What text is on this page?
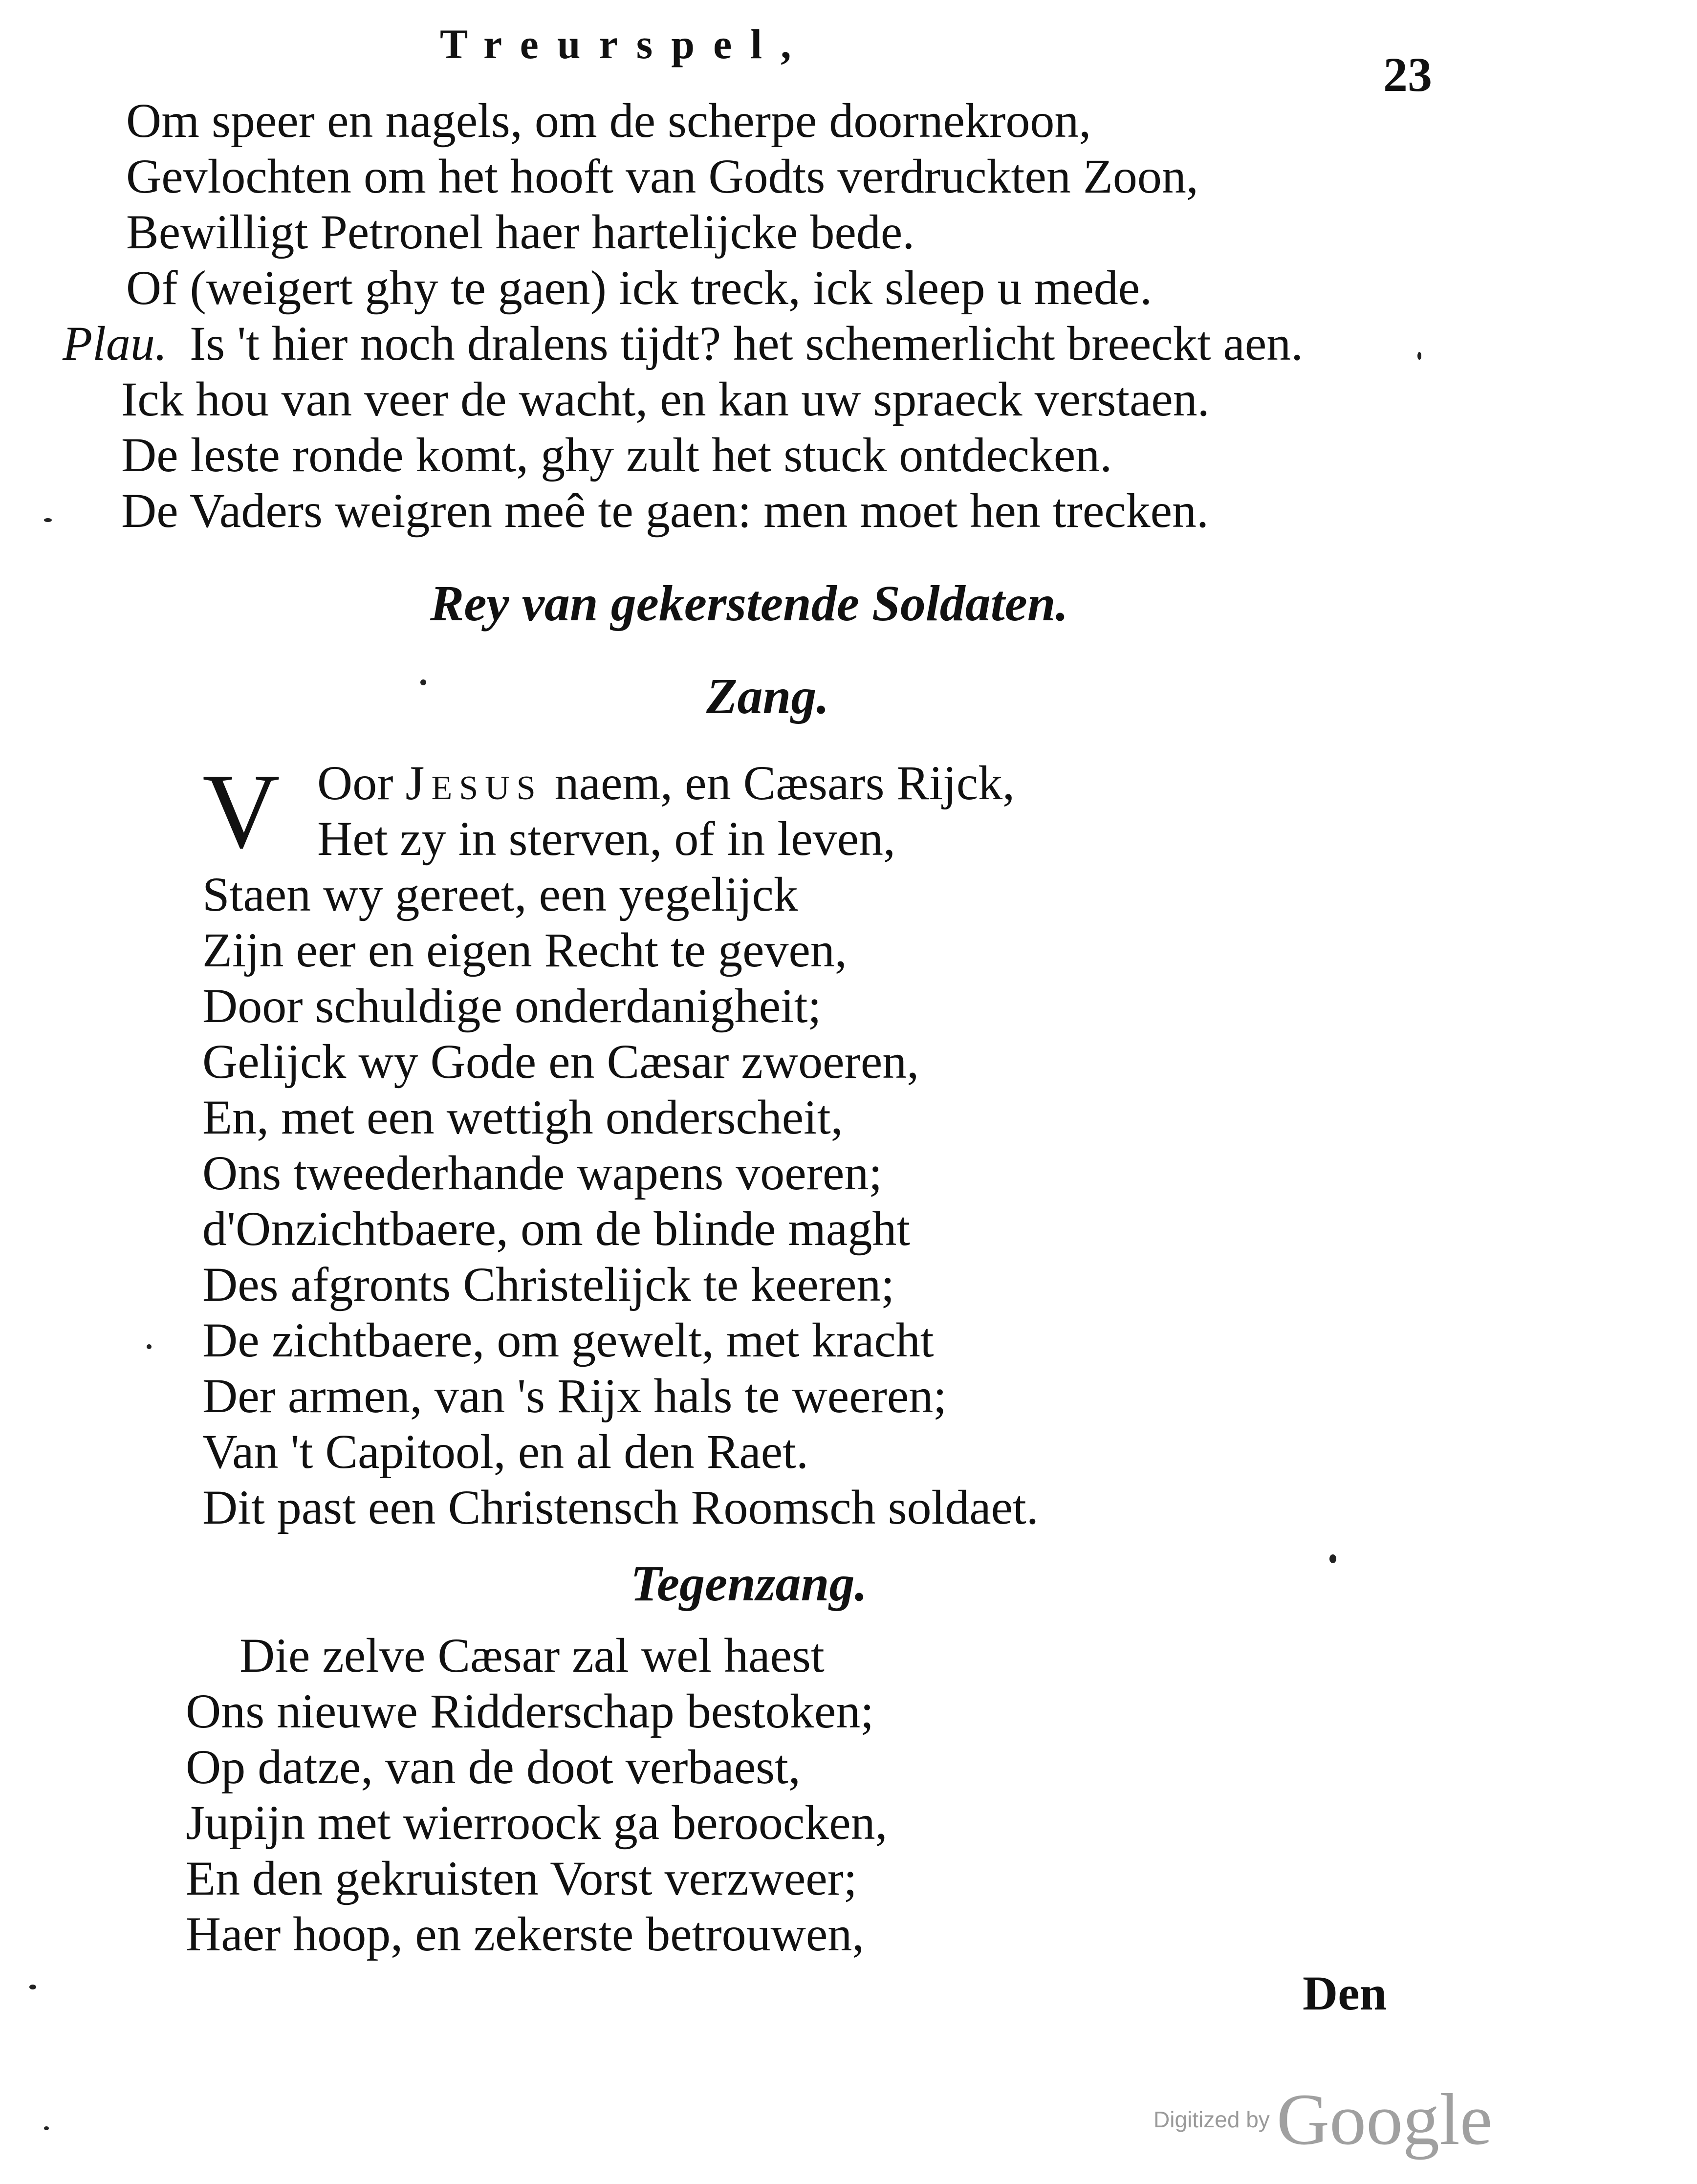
Treurspel,
23
Om speer en nagels, om de scherpe doornekroon,
Gevlochten om het hooft van Godts verdruckten Zoon,
Bewilligt Petronel haer hartelijcke bede.
Of (weigert ghy te gaen) ick treck, ick sleep u mede.
Plau. Is 't hier noch dralens tijdt? het schemerlicht breeckt aen.
Ick hou van veer de wacht, en kan uw spraeck verstaen.
De leste ronde komt, ghy zult het stuck ontdecken.
De Vaders weigren meê te gaen: men moet hen trecken.
Rey van gekerstende Soldaten.
Zang.
V Oor Jesus naem, en Cæsars Rijck,
Het zy in sterven, of in leven,
Staen wy gereet, een yegelijck
Zijn eer en eigen Recht te geven,
Door schuldige onderdanigheit;
Gelijck wy Gode en Cæsar zwoeren,
En, met een wettigh onderscheit,
Ons tweederhande wapens voeren;
d'Onzichtbaere, om de blinde maght
Des afgronts Christelijck te keeren;
De zichtbaere, om gewelt, met kracht
Der armen, van 's Rijx hals te weeren;
Van 't Capitool, en al den Raet.
Dit past een Christensch Roomsch soldaet.
Tegenzang.
Die zelve Cæsar zal wel haest
Ons nieuwe Ridderschap bestoken;
Op datze, van de doot verbaest,
Jupijn met wierroock ga beroocken,
En den gekruisten Vorst verzweer;
Haer hoop, en zekerste betrouwen,
Den
Digitized byGoogle
